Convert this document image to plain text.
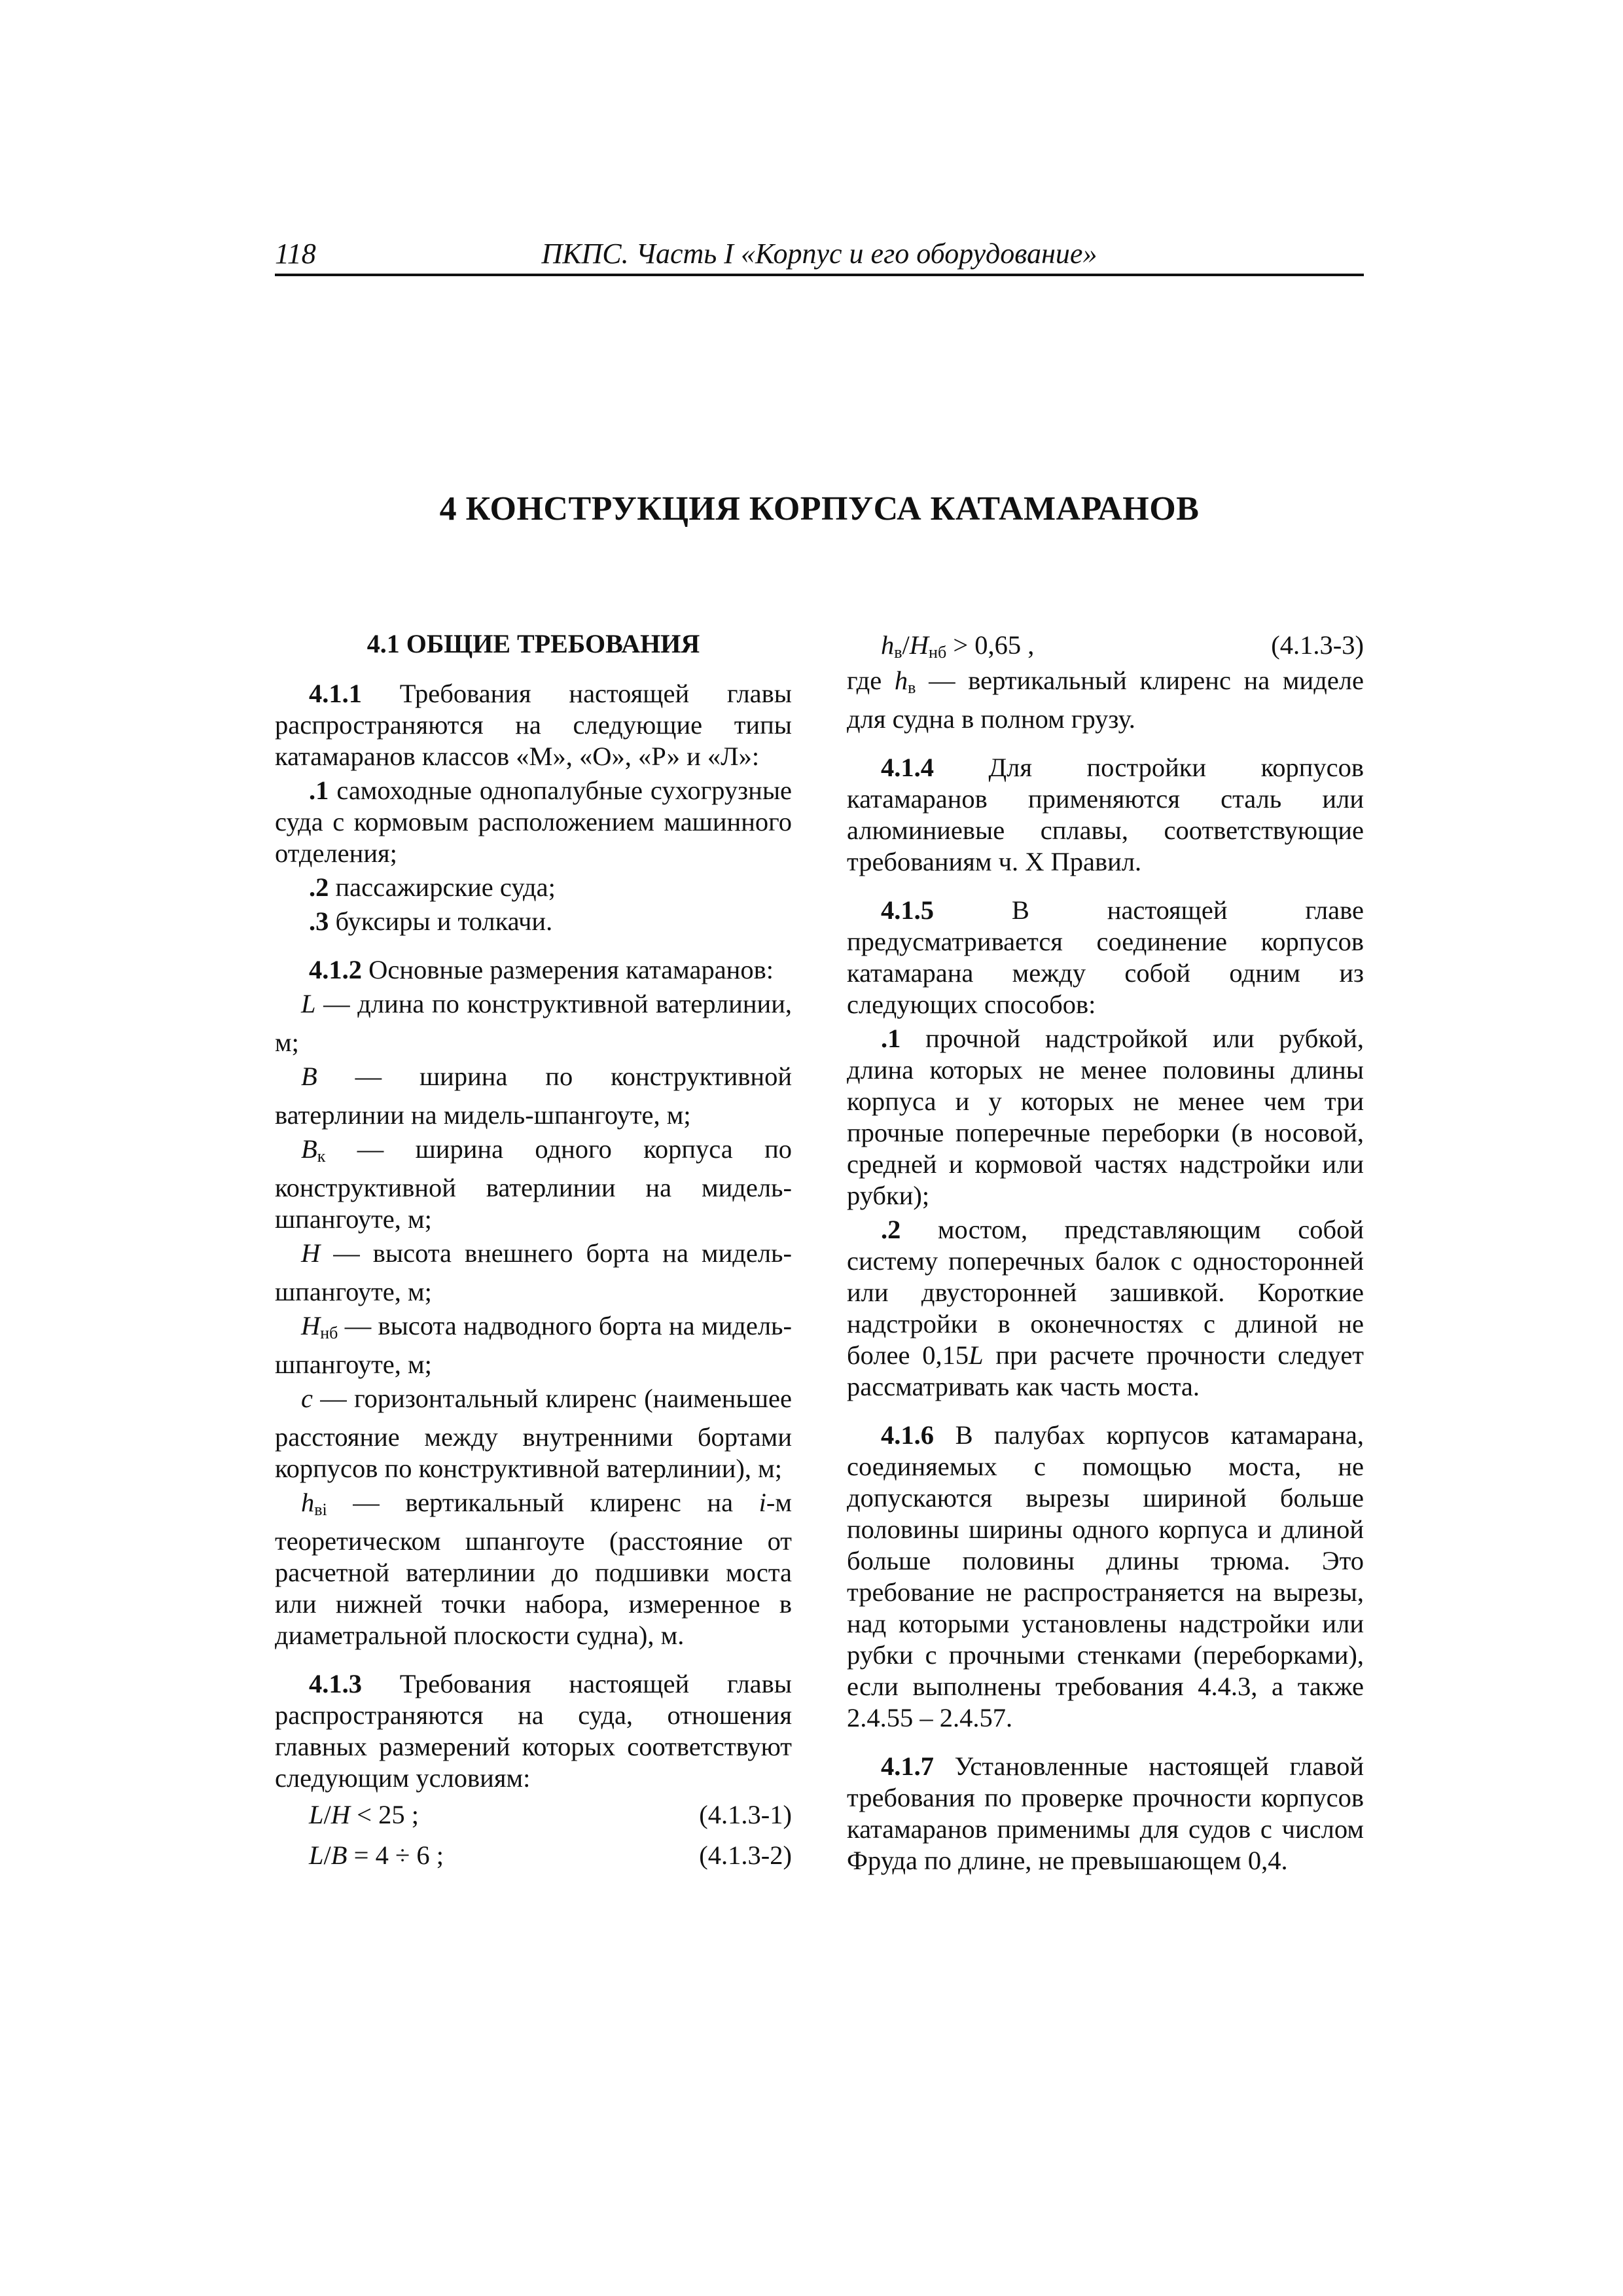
118	ПКПС. Часть I «Корпус и его оборудование»
4 КОНСТРУКЦИЯ КОРПУСА КАТАМАРАНОВ
4.1 ОБЩИЕ ТРЕБОВАНИЯ

4.1.1 Требования настоящей главы распространяются на следующие типы катамаранов классов «М», «О», «Р» и «Л»:

.1 самоходные однопалубные сухогрузные суда с кормовым расположением машинного отделения;

.2 пассажирские суда;

.3 буксиры и толкачи.

4.1.2 Основные размерения катамаранов:

L — длина по конструктивной ватерлинии, м;

B — ширина по конструктивной ватерлинии на мидель-шпангоуте, м;

$B_к$ — ширина одного корпуса по конструктивной ватерлинии на мидель-шпангоуте, м;

H — высота внешнего борта на мидель-шпангоуте, м;

$H_{нб}$ — высота надводного борта на мидель-шпангоуте, м;

c — горизонтальный клиренс (наименьшее расстояние между внутренними бортами корпусов по конструктивной ватерлинии), м;

$h_{вi}$ — вертикальный клиренс на i-м теоретическом шпангоуте (расстояние от расчетной ватерлинии до подшивки моста или нижней точки набора, измеренное в диаметральной плоскости судна), м.

4.1.3 Требования настоящей главы распространяются на суда, отношения главных размерений которых соответствуют следующим условиям:

L/H < 25 ;	(4.1.3-1)
L/B = 4 ÷ 6 ;	(4.1.3-2)
$h_в/H_{нб} > 0,65$ ,	(4.1.3-3)

где $h_в$ — вертикальный клиренс на миделе для судна в полном грузу.

4.1.4 Для постройки корпусов катамаранов применяются сталь или алюминиевые сплавы, соответствующие требованиям ч. X Правил.

4.1.5 В настоящей главе предусматривается соединение корпусов катамарана между собой одним из следующих способов:

.1 прочной надстройкой или рубкой, длина которых не менее половины длины корпуса и у которых не менее чем три прочные поперечные переборки (в носовой, средней и кормовой частях надстройки или рубки);

.2 мостом, представляющим собой систему поперечных балок с односторонней или двусторонней зашивкой. Короткие надстройки в оконечностях с длиной не более 0,15L при расчете прочности следует рассматривать как часть моста.

4.1.6 В палубах корпусов катамарана, соединяемых с помощью моста, не допускаются вырезы шириной больше половины ширины одного корпуса и длиной больше половины длины трюма. Это требование не распространяется на вырезы, над которыми установлены надстройки или рубки с прочными стенками (переборками), если выполнены требования 4.4.3, а также 2.4.55 – 2.4.57.

4.1.7 Установленные настоящей главой требования по проверке прочности корпусов катамаранов применимы для судов с числом Фруда по длине, не превышающем 0,4.
